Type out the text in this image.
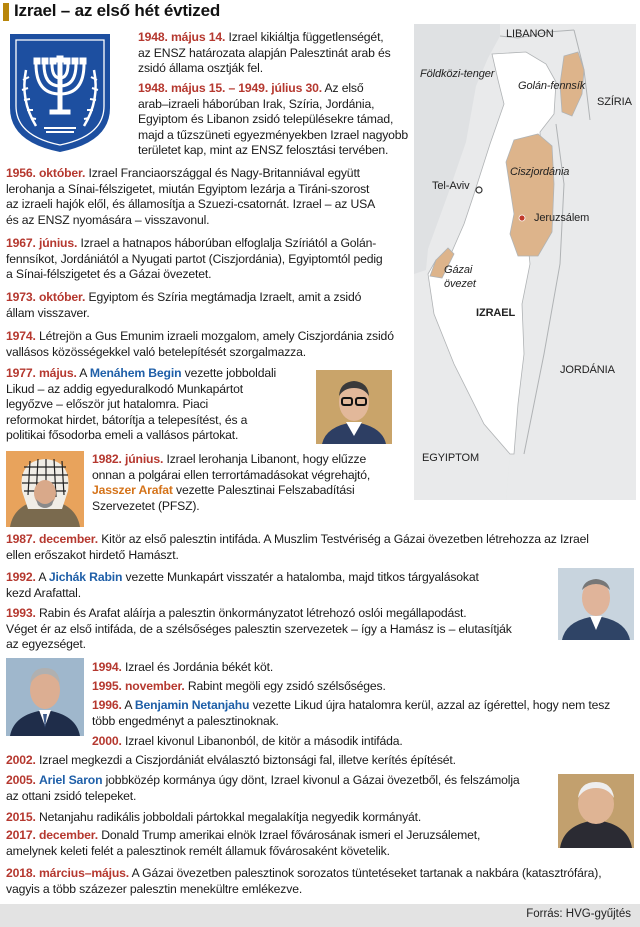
Izrael – az első hét évtized
LIBANON
SZÍRIA
Földközi-tenger
Golán-fennsík
Ciszjordánia
Tel-Aviv
Jeruzsálem
Gázai
övezet
IZRAEL
JORDÁNIA
EGYIPTOM
1948. május 14. Izrael kikiáltja függetlenségét,
az ENSZ határozata alapján Palesztinát arab és
zsidó állama osztják fel.
1948. május 15. – 1949. július 30. Az első
arab–izraeli háborúban Irak, Szíria, Jordánia,
Egyiptom és Libanon zsidó településekre támad,
majd a tűzszüneti egyezményekben Izrael nagyobb
területet kap, mint az ENSZ felosztási tervében.
1956. október. Izrael Franciaországgal és Nagy-Britanniával együtt
lerohanja a Sínai-félszigetet, miután Egyiptom lezárja a Tiráni-szorost
az izraeli hajók elől, és államosítja a Szuezi-csatornát. Izrael – az USA
és az ENSZ nyomására – visszavonul.
1967. június. Izrael a hatnapos háborúban elfoglalja Szíriától a Golán-
fennsíkot, Jordániától a Nyugati partot (Ciszjordánia), Egyiptomtól pedig
a Sínai-félszigetet és a Gázai övezetet.
1973. október. Egyiptom és Szíria megtámadja Izraelt, amit a zsidó
állam visszaver.
1974. Létrejön a Gus Emunim izraeli mozgalom, amely Ciszjordánia zsidó
vallásos közösségekkel való betelepítését szorgalmazza.
1977. május. A Menáhem Begin vezette jobboldali
Likud – az addig egyeduralkodó Munkapártot
legyőzve – először jut hatalomra. Piaci
reformokat hirdet, bátorítja a telepesítést, és a
politikai fősodorba emeli a vallásos pártokat.
1982. június. Izrael lerohanja Libanont, hogy elűzze
onnan a polgárai ellen terrortámadásokat végrehajtó,
Jasszer Arafat vezette Palesztinai Felszabadítási
Szervezetet (PFSZ).
1987. december. Kitör az első palesztin intifáda. A Muszlim Testvériség a Gázai övezetben létrehozza az Izrael
ellen erőszakot hirdető Hamászt.
1992. A Jichák Rabin vezette Munkapárt visszatér a hatalomba, majd titkos tárgyalásokat
kezd Arafattal.
1993. Rabin és Arafat aláírja a palesztin önkormányzatot létrehozó oslói megállapodást.
Véget ér az első intifáda, de a szélsőséges palesztin szervezetek – így a Hamász is – elutasítják
az egyezséget.
1994. Izrael és Jordánia békét köt.
1995. november. Rabint megöli egy zsidó szélsőséges.
1996. A Benjamin Netanjahu vezette Likud újra hatalomra kerül, azzal az ígérettel, hogy nem tesz
több engedményt a palesztinoknak.
2000. Izrael kivonul Libanonból, de kitör a második intifáda.
2002. Izrael megkezdi a Ciszjordániát elválasztó biztonsági fal, illetve kerítés építését.
2005. Ariel Saron jobbközép kormánya úgy dönt, Izrael kivonul a Gázai övezetből, és felszámolja
az ottani zsidó telepeket.
2015. Netanjahu radikális jobboldali pártokkal megalakítja negyedik kormányát.
2017. december. Donald Trump amerikai elnök Izrael fővárosának ismeri el Jeruzsálemet,
amelynek keleti felét a palesztinok remélt államuk fővárosaként követelik.
2018. március–május. A Gázai övezetben palesztinok sorozatos tüntetéseket tartanak a nakbára (katasztrófára),
vagyis a több százezer palesztin menekültre emlékezve.
Forrás: HVG-gyűjtés
